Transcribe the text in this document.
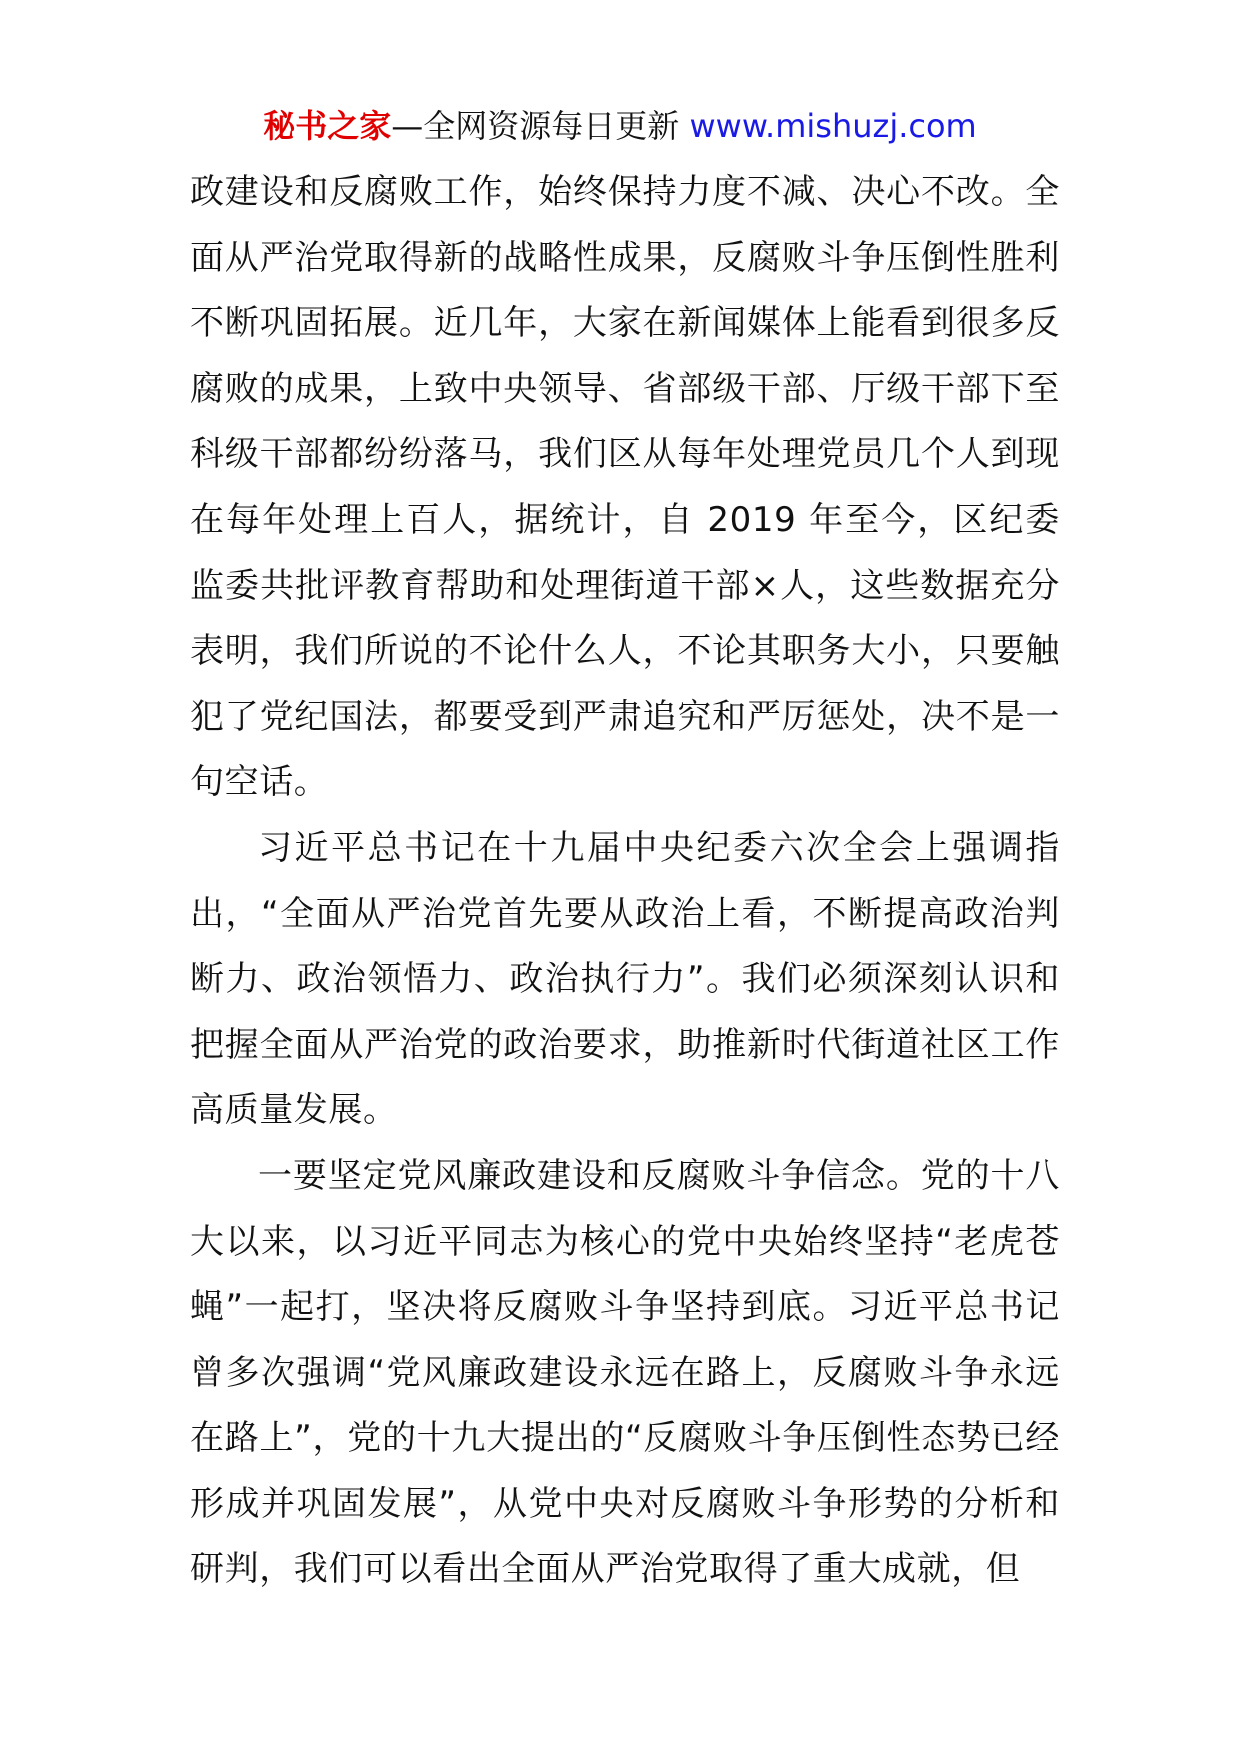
秘书之家—全网资源每日更新 www.mishuzj.com

政建设和反腐败工作，始终保持力度不减、决心不改。全面从严治党取得新的战略性成果，反腐败斗争压倒性胜利不断巩固拓展。近几年，大家在新闻媒体上能看到很多反腐败的成果，上致中央领导、省部级干部、厅级干部下至科级干部都纷纷落马，我们区从每年处理党员几个人到现在每年处理上百人，据统计，自 2019 年至今，区纪委监委共批评教育帮助和处理街道干部×人，这些数据充分表明，我们所说的不论什么人，不论其职务大小，只要触犯了党纪国法，都要受到严肃追究和严厉惩处，决不是一句空话。

习近平总书记在十九届中央纪委六次全会上强调指出，“全面从严治党首先要从政治上看，不断提高政治判断力、政治领悟力、政治执行力”。我们必须深刻认识和把握全面从严治党的政治要求，助推新时代街道社区工作高质量发展。

一要坚定党风廉政建设和反腐败斗争信念。党的十八大以来，以习近平同志为核心的党中央始终坚持“老虎苍蝇”一起打，坚决将反腐败斗争坚持到底。习近平总书记曾多次强调“党风廉政建设永远在路上，反腐败斗争永远在路上”，党的十九大提出的“反腐败斗争压倒性态势已经形成并巩固发展”，从党中央对反腐败斗争形势的分析和研判，我们可以看出全面从严治党取得了重大成就，但
